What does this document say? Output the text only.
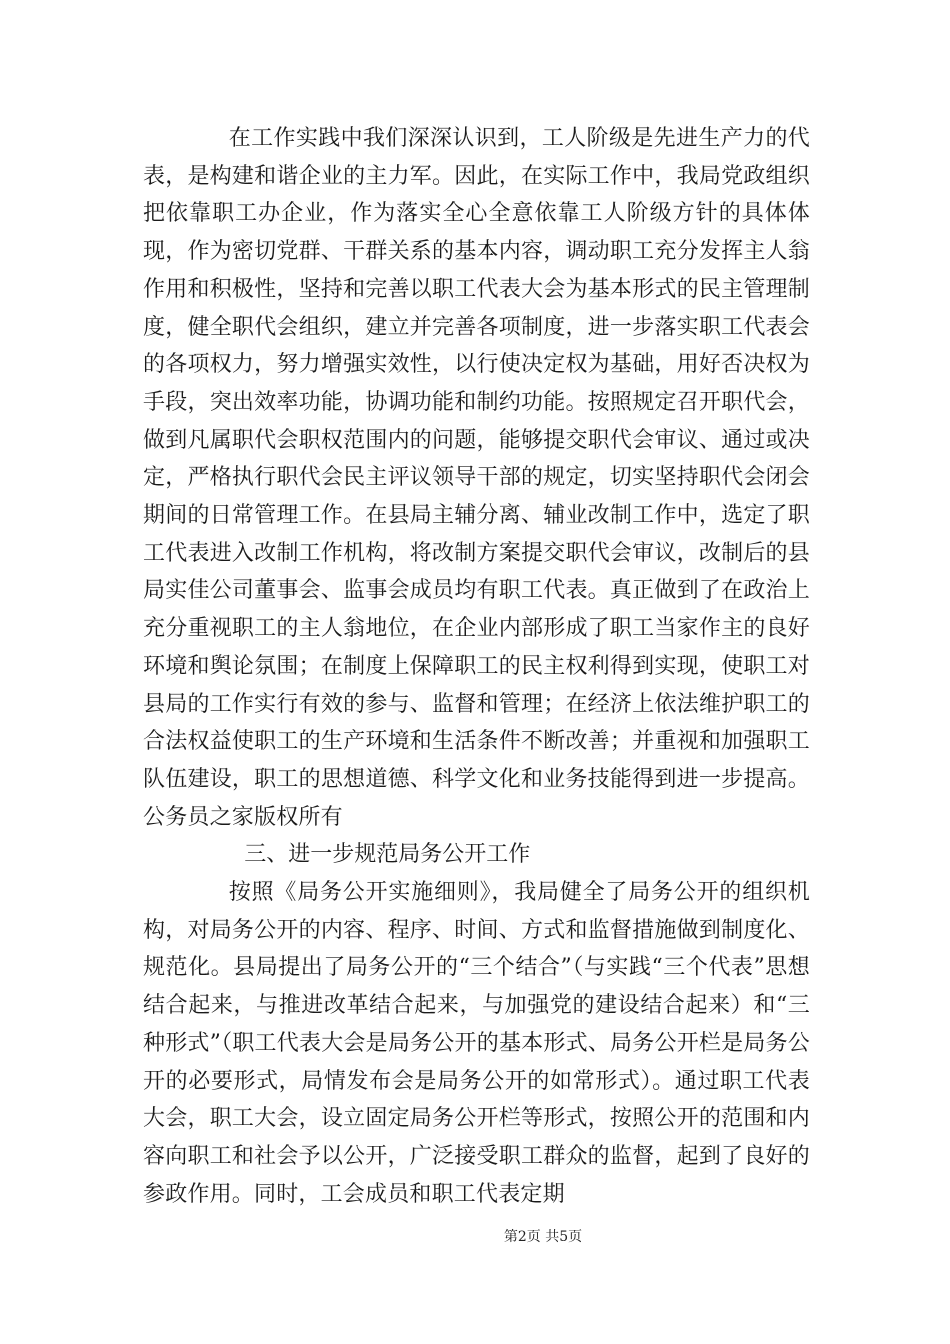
在工作实践中我们深深认识到，工人阶级是先进生产力的代表，是构建和谐企业的主力军。因此，在实际工作中，我局党政组织把依靠职工办企业，作为落实全心全意依靠工人阶级方针的具体体现，作为密切党群、干群关系的基本内容，调动职工充分发挥主人翁作用和积极性，坚持和完善以职工代表大会为基本形式的民主管理制度，健全职代会组织，建立并完善各项制度，进一步落实职工代表会的各项权力，努力增强实效性，以行使决定权为基础，用好否决权为手段，突出效率功能，协调功能和制约功能。按照规定召开职代会，做到凡属职代会职权范围内的问题，能够提交职代会审议、通过或决定，严格执行职代会民主评议领导干部的规定，切实坚持职代会闭会期间的日常管理工作。在县局主辅分离、辅业改制工作中，选定了职工代表进入改制工作机构，将改制方案提交职代会审议，改制后的县局实佳公司董事会、监事会成员均有职工代表。真正做到了在政治上充分重视职工的主人翁地位，在企业内部形成了职工当家作主的良好环境和舆论氛围；在制度上保障职工的民主权利得到实现，使职工对县局的工作实行有效的参与、监督和管理；在经济上依法维护职工的合法权益使职工的生产环境和生活条件不断改善；并重视和加强职工队伍建设，职工的思想道德、科学文化和业务技能得到进一步提高。公务员之家版权所有

三、进一步规范局务公开工作

按照《局务公开实施细则》，我局健全了局务公开的组织机构，对局务公开的内容、程序、时间、方式和监督措施做到制度化、规范化。县局提出了局务公开的“三个结合”（与实践“三个代表”思想结合起来，与推进改革结合起来，与加强党的建设结合起来）和“三种形式”（职工代表大会是局务公开的基本形式、局务公开栏是局务公开的必要形式，局情发布会是局务公开的如常形式）。通过职工代表大会，职工大会，设立固定局务公开栏等形式，按照公开的范围和内容向职工和社会予以公开，广泛接受职工群众的监督，起到了良好的参政作用。同时，工会成员和职工代表定期

第2页 共5页
